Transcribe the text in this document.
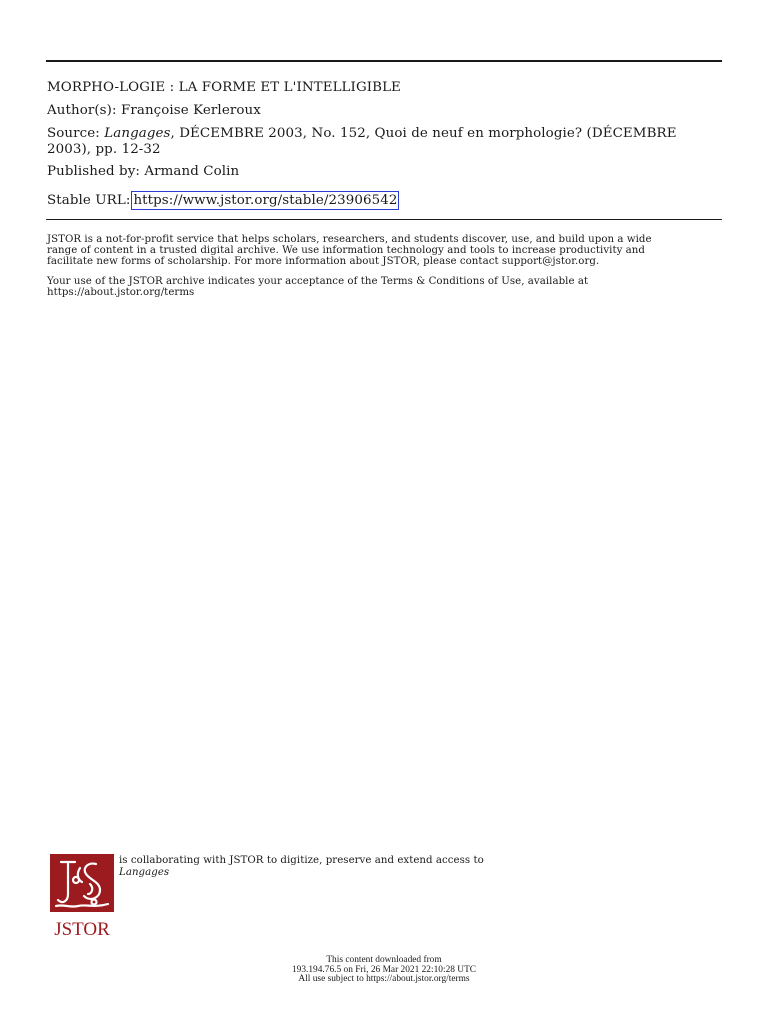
MORPHO-LOGIE : LA FORME ET L'INTELLIGIBLE
Author(s): Françoise Kerleroux
Source: Langages, DÉCEMBRE 2003, No. 152, Quoi de neuf en morphologie? (DÉCEMBRE
2003), pp. 12-32
Published by: Armand Colin
Stable URL: https://www.jstor.org/stable/23906542
JSTOR is a not-for-profit service that helps scholars, researchers, and students discover, use, and build upon a wide
range of content in a trusted digital archive. We use information technology and tools to increase productivity and
facilitate new forms of scholarship. For more information about JSTOR, please contact support@jstor.org.
Your use of the JSTOR archive indicates your acceptance of the Terms & Conditions of Use, available at
https://about.jstor.org/terms
JSTOR
is collaborating with JSTOR to digitize, preserve and extend access to
Langages
This content downloaded from
193.194.76.5 on Fri, 26 Mar 2021 22:10:28 UTC
All use subject to https://about.jstor.org/terms
